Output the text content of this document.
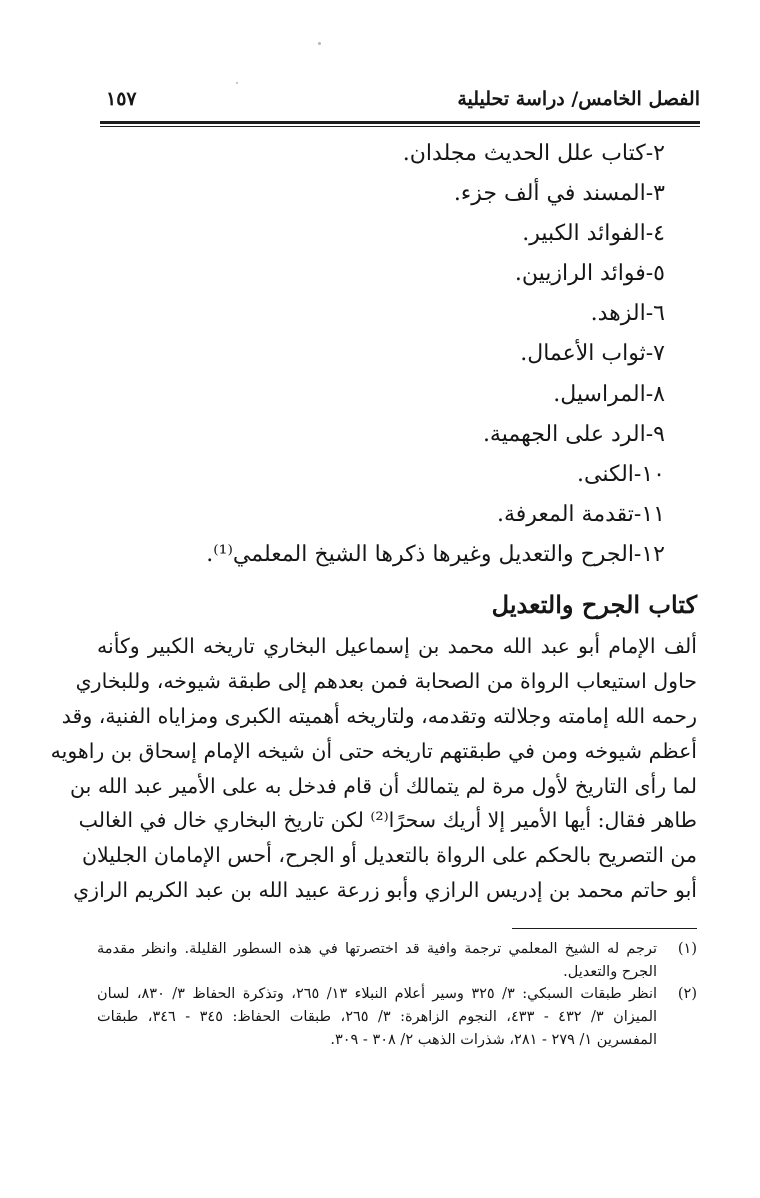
الفصل الخامس/ دراسة تحليلية
١٥٧
٢-كتاب علل الحديث مجلدان.
٣-المسند في ألف جزء.
٤-الفوائد الكبير.
٥-فوائد الرازيين.
٦-الزهد.
٧-ثواب الأعمال.
٨-المراسيل.
٩-الرد على الجهمية.
١٠-الكنى.
١١-تقدمة المعرفة.
١٢-الجرح والتعديل وغيرها ذكرها الشيخ المعلمي⁽¹⁾.
كتاب الجرح والتعديل
ألف الإمام أبو عبد الله محمد بن إسماعيل البخاري تاريخه الكبير وكأنه
حاول استيعاب الرواة من الصحابة فمن بعدهم إلى طبقة شيوخه، وللبخاري
رحمه الله إمامته وجلالته وتقدمه، ولتاريخه أهميته الكبرى ومزاياه الفنية، وقد
أعظم شيوخه ومن في طبقتهم تاريخه حتى أن شيخه الإمام إسحاق بن راهويه
لما رأى التاريخ لأول مرة لم يتمالك أن قام فدخل به على الأمير عبد الله بن
طاهر فقال: أيها الأمير إلا أريك سحرًا⁽²⁾ لكن تاريخ البخاري خال في الغالب
من التصريح بالحكم على الرواة بالتعديل أو الجرح، أحس الإمامان الجليلان
أبو حاتم محمد بن إدريس الرازي وأبو زرعة عبيد الله بن عبد الكريم الرازي
(١)
ترجم له الشيخ المعلمي ترجمة وافية قد اختصرتها في هذه السطور القليلة. وانظر مقدمة
الجرح والتعديل.
(٢)
انظر طبقات السبكي: ٣/ ٣٢٥ وسير أعلام النبلاء ١٣/ ٢٦٥، وتذكرة الحفاظ ٣/ ٨٣٠، لسان
الميزان ٣/ ٤٣٢ - ٤٣٣، النجوم الزاهرة: ٣/ ٢٦٥، طبقات الحفاظ: ٣٤٥ - ٣٤٦، طبقات
المفسرين ١/ ٢٧٩ - ٢٨١، شذرات الذهب ٢/ ٣٠٨ - ٣٠٩.
